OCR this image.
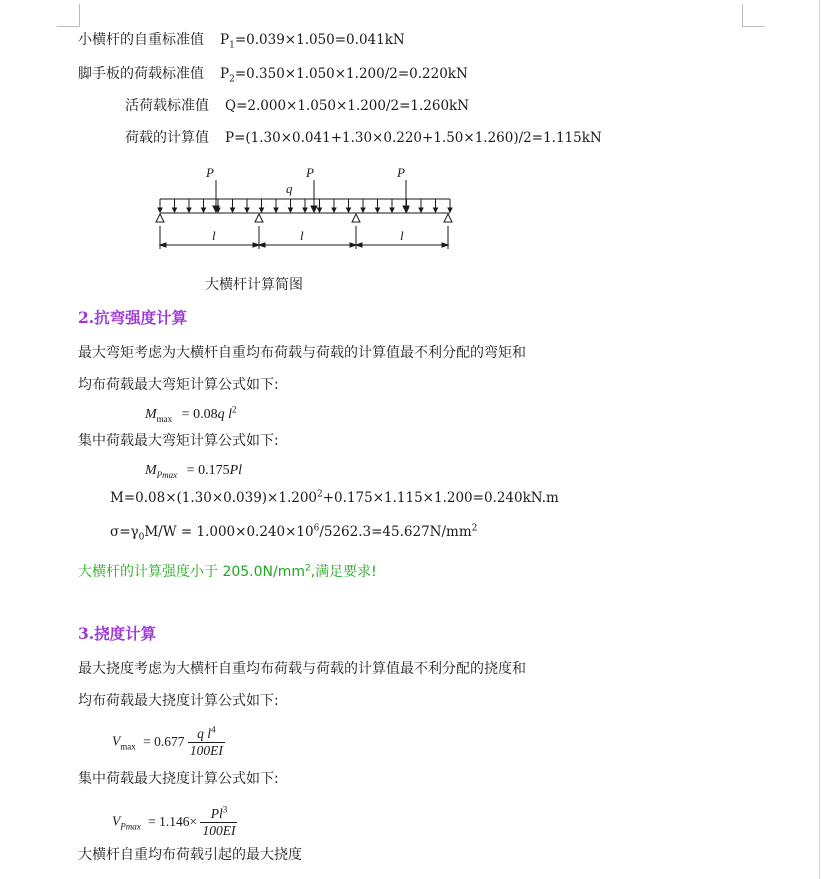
小横杆的自重标准值 $P_1=0.039\times 1.050=0.041kN$
脚手板的荷载标准值 $P_2=0.350\times 1.050\times 1.200/2=0.220kN$
活荷载标准值 Q=2.000×1.050×1.200/2=1.260kN
荷载的计算值 P=(1.30×0.041+1.30×0.220+1.50×1.260)/2=1.115kN
P	P	P
q
l	l	l
大横杆计算简图
2.抗弯强度计算
最大弯矩考虑为大横杆自重均布荷载与荷载的计算值最不利分配的弯矩和
均布荷载最大弯矩计算公式如下:
$M_{max} = 0.08q$ $l^2$
集中荷载最大弯矩计算公式如下:
$M_{Pmax} = 0.175Pl$
$M=0.08\times(1.30\times 0.039)\times 1.200^2+0.175\times 1.115\times 1.200=0.240kN.m$
$\sigma=\gamma_0M/W = 1.000\times 0.240\times 10^6/5262.3=45.627N/mm^2$
大横杆的计算强度小于 $205.0N/mm^2$,满足要求!
3.挠度计算
最大挠度考虑为大横杆自重均布荷载与荷载的计算值最不利分配的挠度和
均布荷载最大挠度计算公式如下:
$V_{max} = 0.677 \frac{q l^4}{100EI}$
集中荷载最大挠度计算公式如下:
$V_{Pmax} = 1.146\times \frac{Pl^3}{100EI}$
大横杆自重均布荷载引起的最大挠度
